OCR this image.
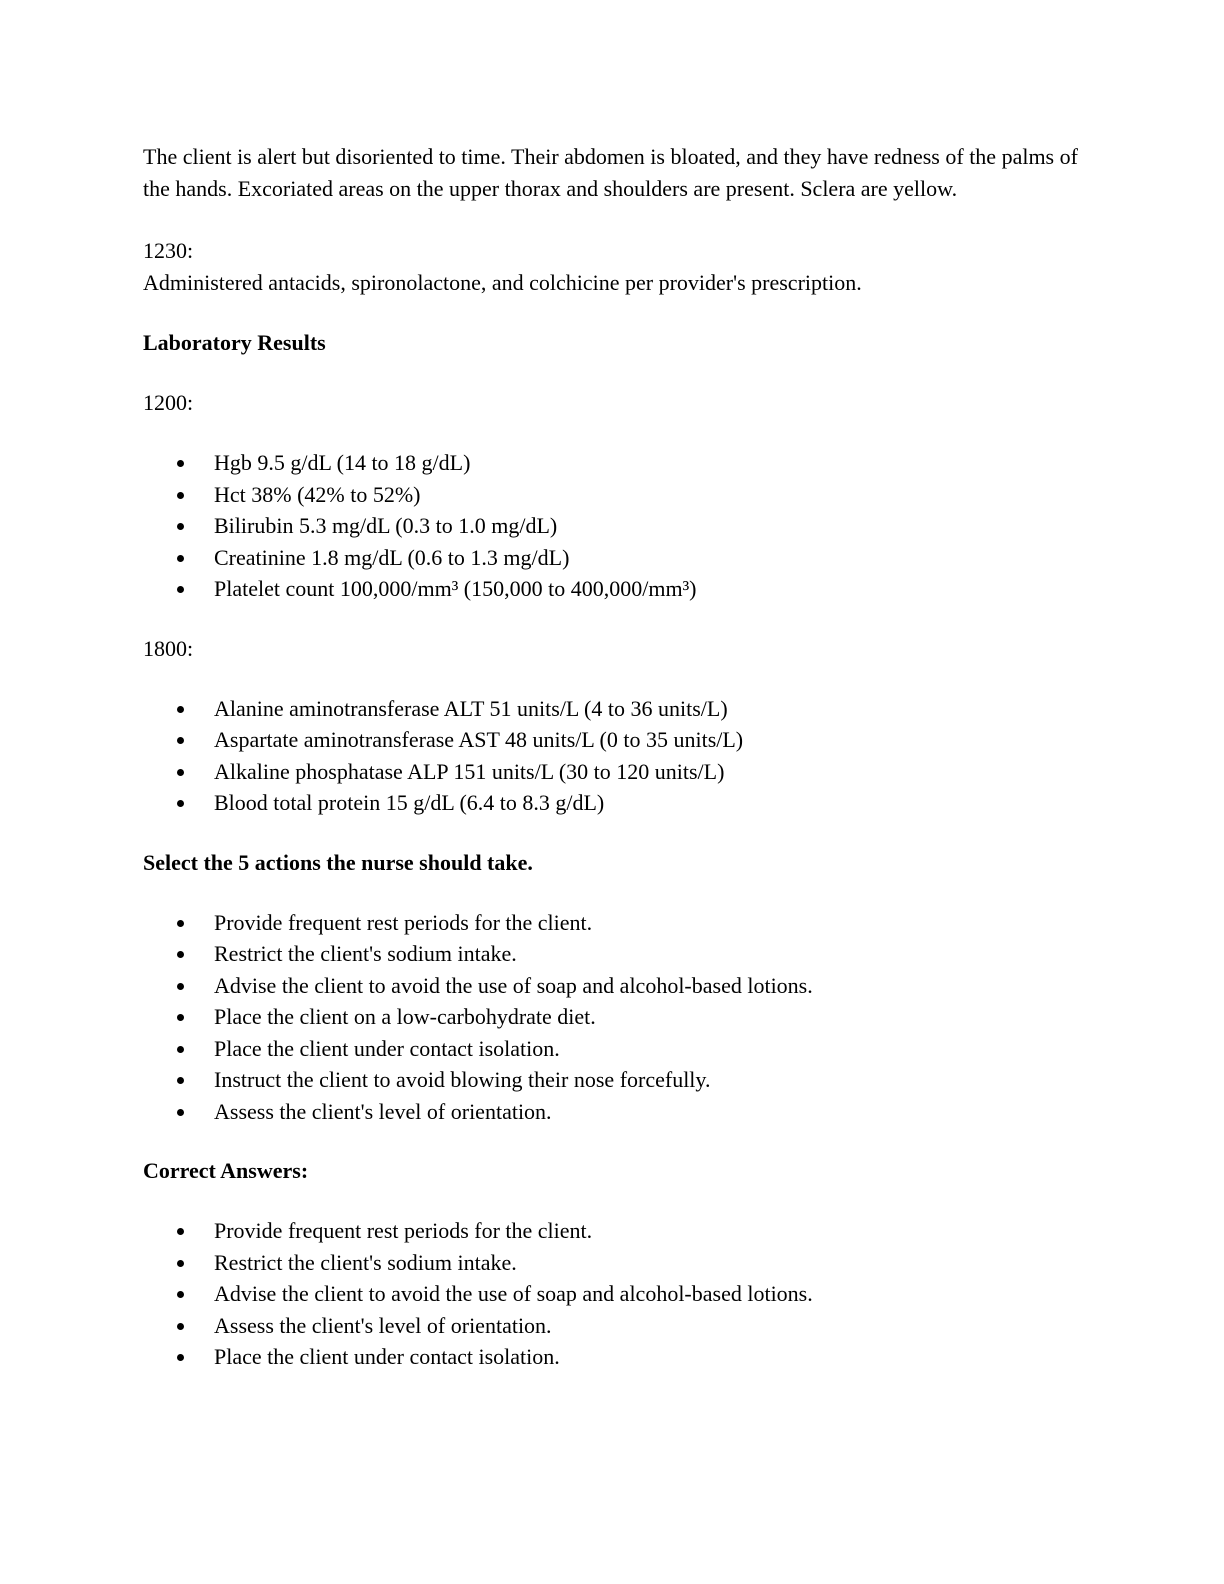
The client is alert but disoriented to time. Their abdomen is bloated, and they have redness of the palms of the hands. Excoriated areas on the upper thorax and shoulders are present. Sclera are yellow.

1230:

Administered antacids, spironolactone, and colchicine per provider's prescription.

Laboratory Results

1200:

Hgb 9.5 g/dL (14 to 18 g/dL)
Hct 38% (42% to 52%)
Bilirubin 5.3 mg/dL (0.3 to 1.0 mg/dL)
Creatinine 1.8 mg/dL (0.6 to 1.3 mg/dL)
Platelet count 100,000/mm³ (150,000 to 400,000/mm³)

1800:

Alanine aminotransferase ALT 51 units/L (4 to 36 units/L)
Aspartate aminotransferase AST 48 units/L (0 to 35 units/L)
Alkaline phosphatase ALP 151 units/L (30 to 120 units/L)
Blood total protein 15 g/dL (6.4 to 8.3 g/dL)

Select the 5 actions the nurse should take.

Provide frequent rest periods for the client.
Restrict the client's sodium intake.
Advise the client to avoid the use of soap and alcohol-based lotions.
Place the client on a low-carbohydrate diet.
Place the client under contact isolation.
Instruct the client to avoid blowing their nose forcefully.
Assess the client's level of orientation.

Correct Answers:

Provide frequent rest periods for the client.
Restrict the client's sodium intake.
Advise the client to avoid the use of soap and alcohol-based lotions.
Assess the client's level of orientation.
Place the client under contact isolation.
